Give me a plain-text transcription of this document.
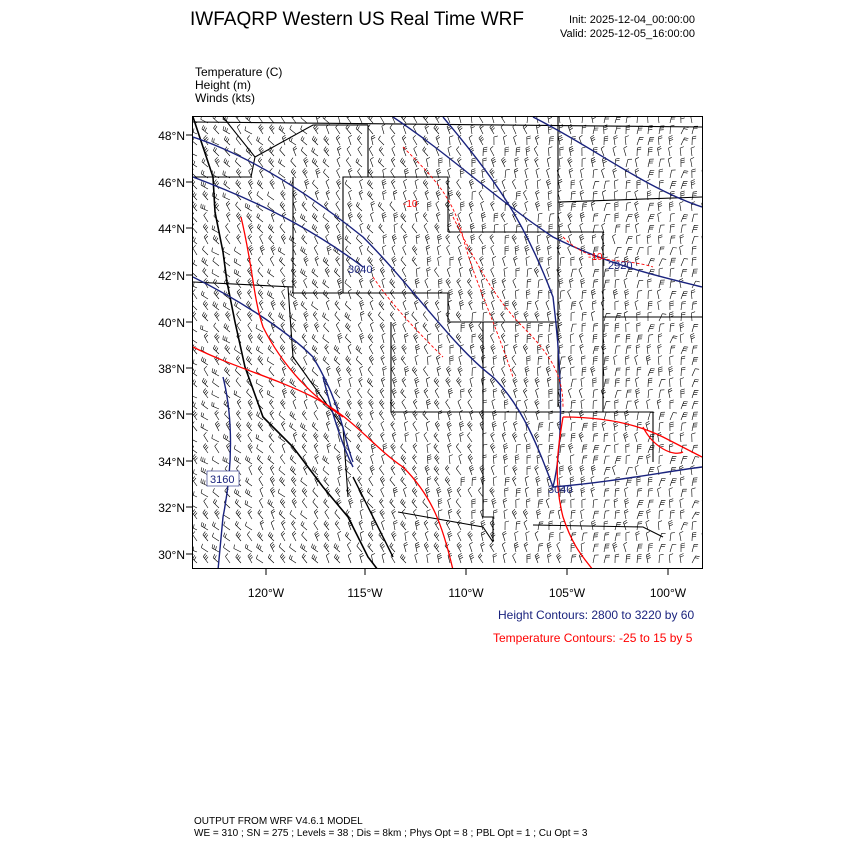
IWFAQRP Western US Real Time WRF	Init: 2025-12-04_00:00:00
Valid: 2025-12-05_16:00:00
Temperature (C)
Height (m)
Winds (kts)
3040
3160
3040
2920
-10
-10
48°N
46°N
44°N
42°N
40°N
38°N
36°N
34°N
32°N
30°N
120°W	115°W	110°W	105°W	100°W
Height Contours: 2800 to 3220 by 60
Temperature Contours: -25 to 15 by 5
OUTPUT FROM WRF V4.6.1 MODEL
WE = 310 ; SN = 275 ; Levels = 38 ; Dis = 8km ; Phys Opt = 8 ; PBL Opt = 1 ; Cu Opt = 3
